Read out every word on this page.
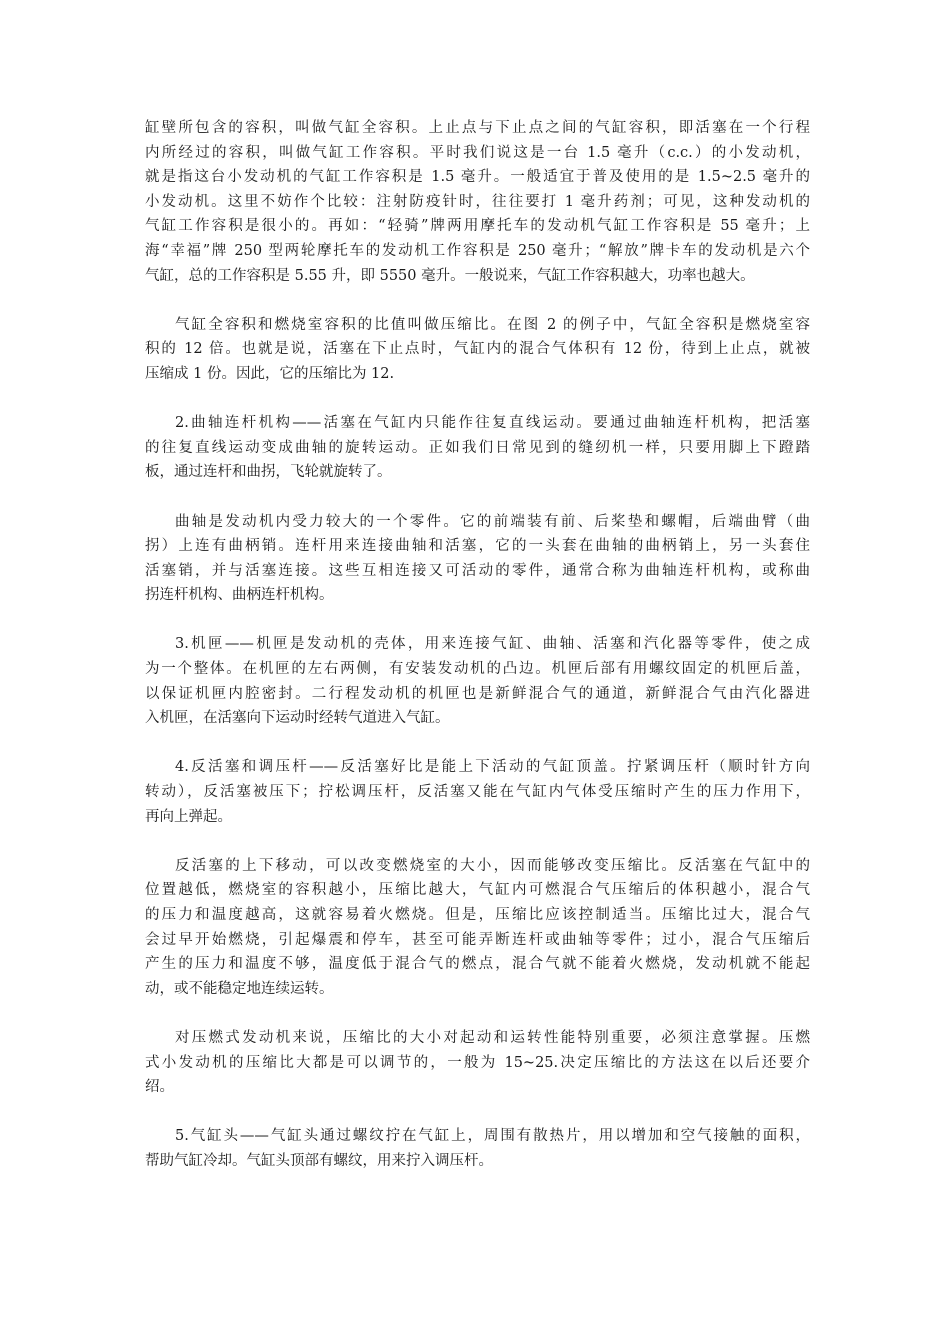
缸壁所包含的容积，叫做气缸全容积。上止点与下止点之间的气缸容积，即活塞在一个行程
内所经过的容积，叫做气缸工作容积。平时我们说这是一台 1.5 毫升（c.c.）的小发动机，
就是指这台小发动机的气缸工作容积是 1.5 毫升。一般适宜于普及使用的是 1.5~2.5 毫升的
小发动机。这里不妨作个比较：注射防疫针时，往往要打 1 毫升药剂；可见，这种发动机的
气缸工作容积是很小的。再如：“轻骑”牌两用摩托车的发动机气缸工作容积是 55 毫升；上
海“幸福”牌 250 型两轮摩托车的发动机工作容积是 250 毫升；“解放”牌卡车的发动机是六个
气缸，总的工作容积是 5.55 升，即 5550 毫升。一般说来，气缸工作容积越大，功率也越大。
气缸全容积和燃烧室容积的比值叫做压缩比。在图 2 的例子中，气缸全容积是燃烧室容
积的 12 倍。也就是说，活塞在下止点时，气缸内的混合气体积有 12 份，待到上止点，就被
压缩成 1 份。因此，它的压缩比为 12.
2.曲轴连杆机构——活塞在气缸内只能作往复直线运动。要通过曲轴连杆机构，把活塞
的往复直线运动变成曲轴的旋转运动。正如我们日常见到的缝纫机一样，只要用脚上下蹬踏
板，通过连杆和曲拐，飞轮就旋转了。
曲轴是发动机内受力较大的一个零件。它的前端装有前、后桨垫和螺帽，后端曲臂（曲
拐）上连有曲柄销。连杆用来连接曲轴和活塞，它的一头套在曲轴的曲柄销上，另一头套住
活塞销，并与活塞连接。这些互相连接又可活动的零件，通常合称为曲轴连杆机构，或称曲
拐连杆机构、曲柄连杆机构。
3.机匣——机匣是发动机的壳体，用来连接气缸、曲轴、活塞和汽化器等零件，使之成
为一个整体。在机匣的左右两侧，有安装发动机的凸边。机匣后部有用螺纹固定的机匣后盖，
以保证机匣内腔密封。二行程发动机的机匣也是新鲜混合气的通道，新鲜混合气由汽化器进
入机匣，在活塞向下运动时经转气道进入气缸。
4.反活塞和调压杆——反活塞好比是能上下活动的气缸顶盖。拧紧调压杆（顺时针方向
转动），反活塞被压下；拧松调压杆，反活塞又能在气缸内气体受压缩时产生的压力作用下，
再向上弹起。
反活塞的上下移动，可以改变燃烧室的大小，因而能够改变压缩比。反活塞在气缸中的
位置越低，燃烧室的容积越小，压缩比越大，气缸内可燃混合气压缩后的体积越小，混合气
的压力和温度越高，这就容易着火燃烧。但是，压缩比应该控制适当。压缩比过大，混合气
会过早开始燃烧，引起爆震和停车，甚至可能弄断连杆或曲轴等零件；过小，混合气压缩后
产生的压力和温度不够，温度低于混合气的燃点，混合气就不能着火燃烧，发动机就不能起
动，或不能稳定地连续运转。
对压燃式发动机来说，压缩比的大小对起动和运转性能特别重要，必须注意掌握。压燃
式小发动机的压缩比大都是可以调节的，一般为 15~25.决定压缩比的方法这在以后还要介
绍。
5.气缸头——气缸头通过螺纹拧在气缸上，周围有散热片，用以增加和空气接触的面积，
帮助气缸冷却。气缸头顶部有螺纹，用来拧入调压杆。
